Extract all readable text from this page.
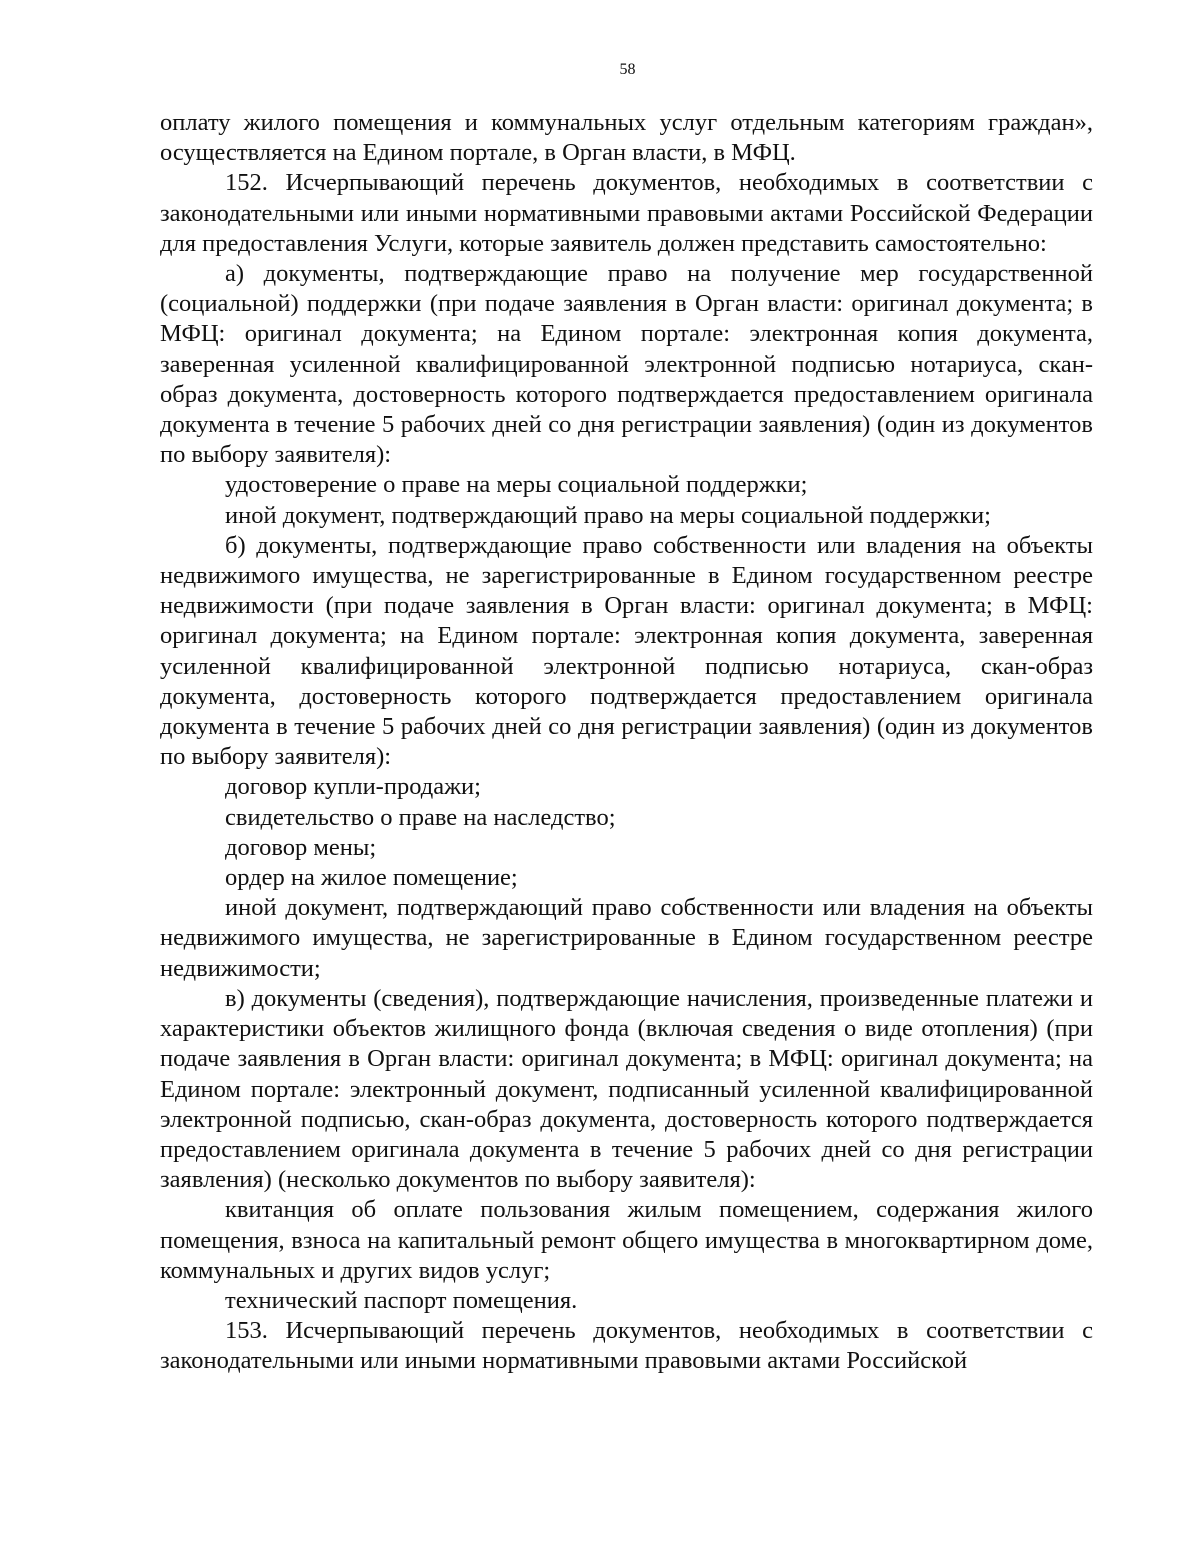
58

оплату жилого помещения и коммунальных услуг отдельным категориям граждан», осуществляется на Едином портале, в Орган власти, в МФЦ.

152. Исчерпывающий перечень документов, необходимых в соответствии с законодательными или иными нормативными правовыми актами Российской Федерации для предоставления Услуги, которые заявитель должен представить самостоятельно:

а) документы, подтверждающие право на получение мер государственной (социальной) поддержки (при подаче заявления в Орган власти: оригинал документа; в МФЦ: оригинал документа; на Едином портале: электронная копия документа, заверенная усиленной квалифицированной электронной подписью нотариуса, скан-образ документа, достоверность которого подтверждается предоставлением оригинала документа в течение 5 рабочих дней со дня регистрации заявления) (один из документов по выбору заявителя):

удостоверение о праве на меры социальной поддержки;

иной документ, подтверждающий право на меры социальной поддержки;

б) документы, подтверждающие право собственности или владения на объекты недвижимого имущества, не зарегистрированные в Едином государственном реестре недвижимости (при подаче заявления в Орган власти: оригинал документа; в МФЦ: оригинал документа; на Едином портале: электронная копия документа, заверенная усиленной квалифицированной электронной подписью нотариуса, скан-образ документа, достоверность которого подтверждается предоставлением оригинала документа в течение 5 рабочих дней со дня регистрации заявления) (один из документов по выбору заявителя):

договор купли-продажи;

свидетельство о праве на наследство;

договор мены;

ордер на жилое помещение;

иной документ, подтверждающий право собственности или владения на объекты недвижимого имущества, не зарегистрированные в Едином государственном реестре недвижимости;

в) документы (сведения), подтверждающие начисления, произведенные платежи и характеристики объектов жилищного фонда (включая сведения о виде отопления) (при подаче заявления в Орган власти: оригинал документа; в МФЦ: оригинал документа; на Едином портале: электронный документ, подписанный усиленной квалифицированной электронной подписью, скан-образ документа, достоверность которого подтверждается предоставлением оригинала документа в течение 5 рабочих дней со дня регистрации заявления) (несколько документов по выбору заявителя):

квитанция об оплате пользования жилым помещением, содержания жилого помещения, взноса на капитальный ремонт общего имущества в многоквартирном доме, коммунальных и других видов услуг;

технический паспорт помещения.

153. Исчерпывающий перечень документов, необходимых в соответствии с законодательными или иными нормативными правовыми актами Российской
